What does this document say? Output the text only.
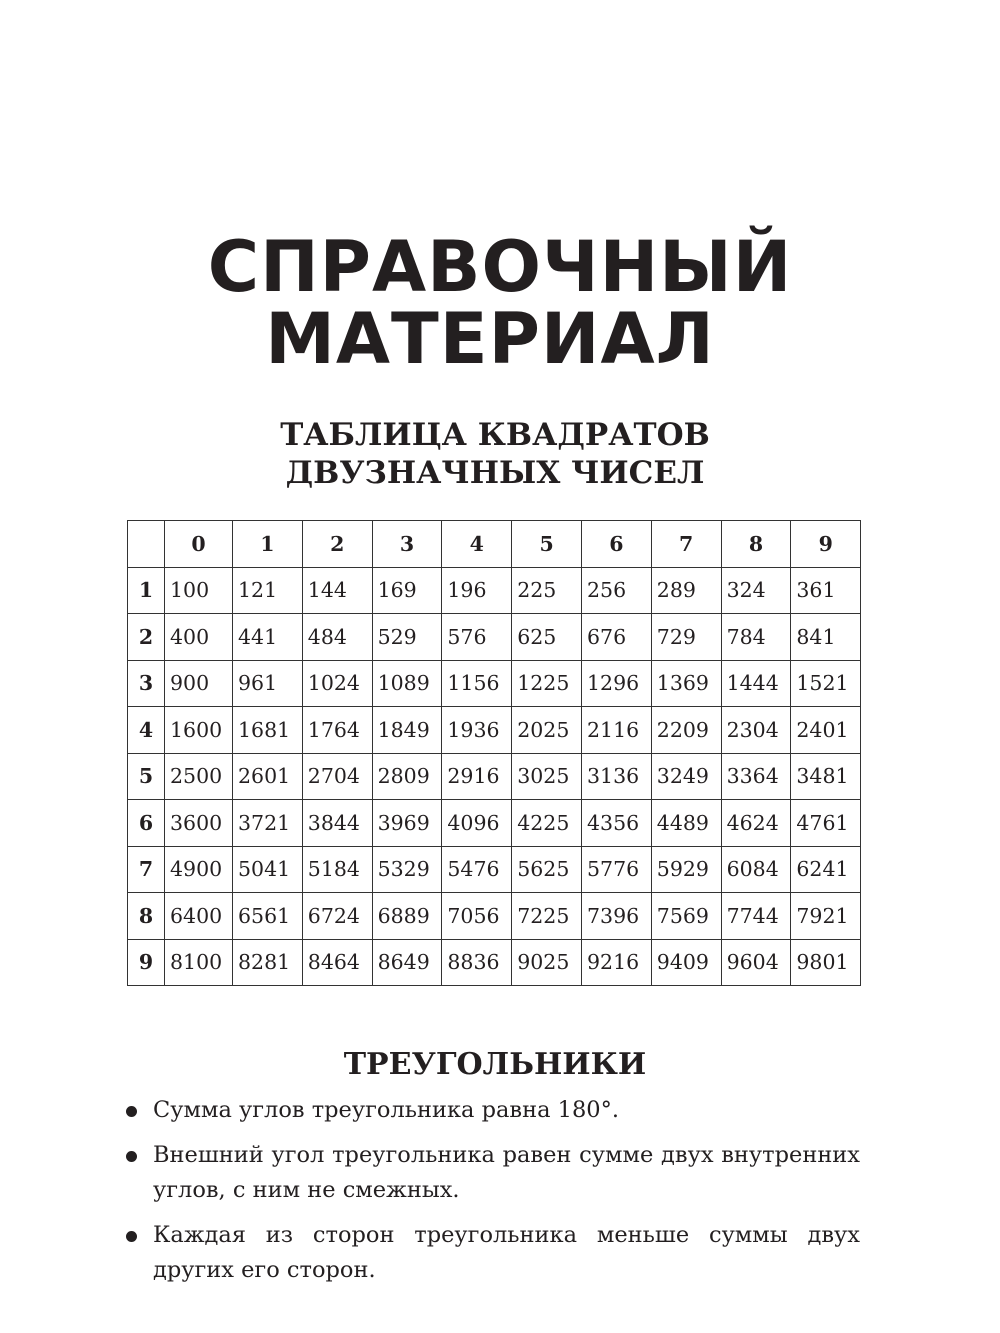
СПРАВОЧНЫЙ
МАТЕРИАЛ
ТАБЛИЦА КВАДРАТОВ
ДВУЗНАЧНЫХ ЧИСЕЛ
	0	1	2	3	4	5	6	7	8	9
1	100	121	144	169	196	225	256	289	324	361
2	400	441	484	529	576	625	676	729	784	841
3	900	961	1024	1089	1156	1225	1296	1369	1444	1521
4	1600	1681	1764	1849	1936	2025	2116	2209	2304	2401
5	2500	2601	2704	2809	2916	3025	3136	3249	3364	3481
6	3600	3721	3844	3969	4096	4225	4356	4489	4624	4761
7	4900	5041	5184	5329	5476	5625	5776	5929	6084	6241
8	6400	6561	6724	6889	7056	7225	7396	7569	7744	7921
9	8100	8281	8464	8649	8836	9025	9216	9409	9604	9801
ТРЕУГОЛЬНИКИ
Сумма углов треугольника равна 180°.
Внешний угол треугольника равен сумме двух внутренних углов, с ним не смежных.
Каждая из сторон треугольника меньше суммы двух других его сторон.
